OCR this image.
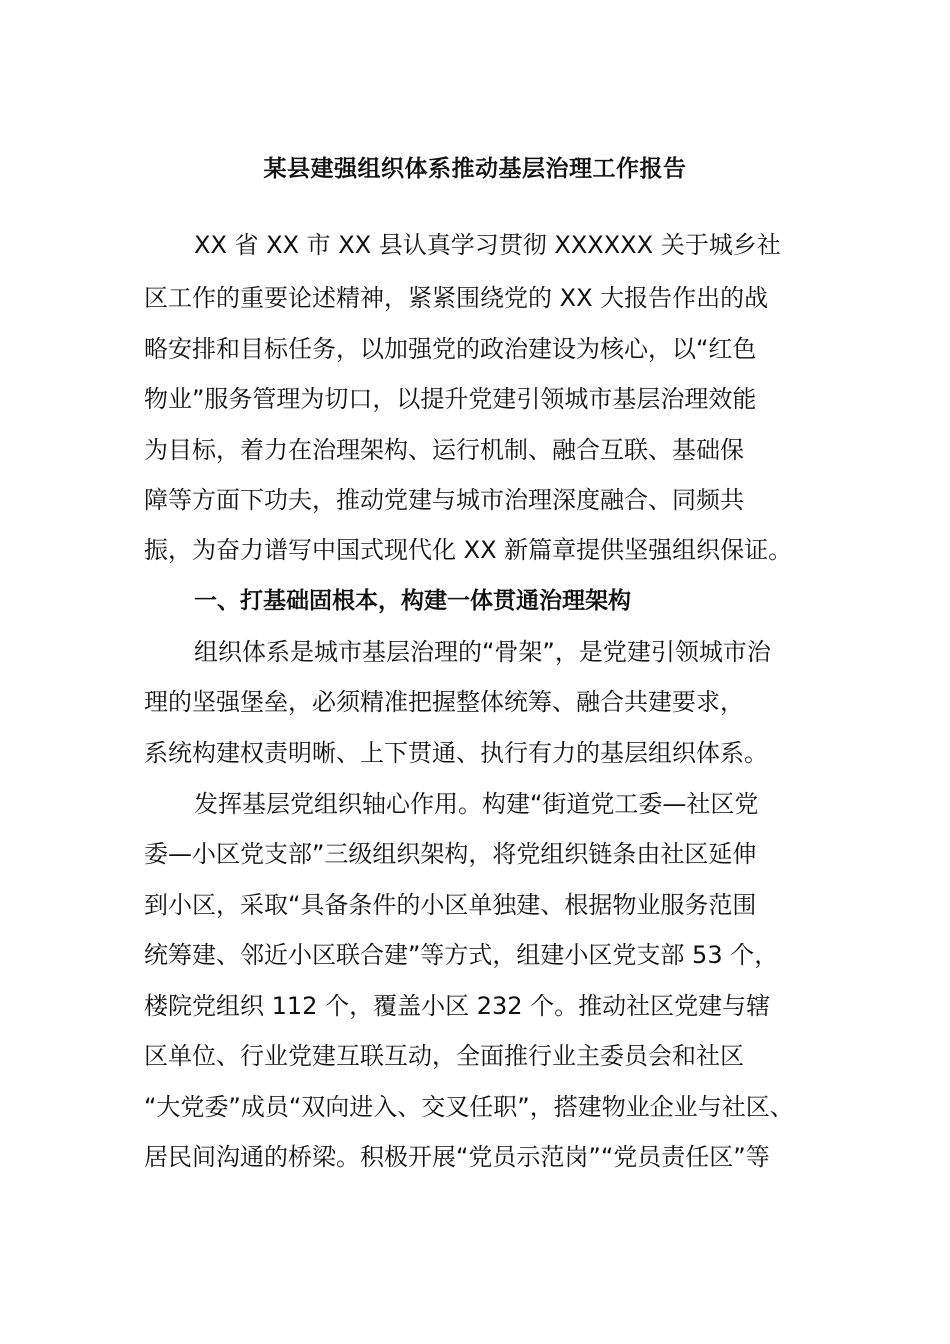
某县建强组织体系推动基层治理工作报告

XX 省 XX 市 XX 县认真学习贯彻 XXXXXX 关于城乡社

区工作的重要论述精神，紧紧围绕党的 XX 大报告作出的战

略安排和目标任务，以加强党的政治建设为核心，以“红色

物业”服务管理为切口，以提升党建引领城市基层治理效能

为目标，着力在治理架构、运行机制、融合互联、基础保

障等方面下功夫，推动党建与城市治理深度融合、同频共

振，为奋力谱写中国式现代化 XX 新篇章提供坚强组织保证。

一、打基础固根本，构建一体贯通治理架构

组织体系是城市基层治理的“骨架”，是党建引领城市治

理的坚强堡垒，必须精准把握整体统筹、融合共建要求，

系统构建权责明晰、上下贯通、执行有力的基层组织体系。

发挥基层党组织轴心作用。构建“街道党工委—社区党

委—小区党支部”三级组织架构，将党组织链条由社区延伸

到小区，采取“具备条件的小区单独建、根据物业服务范围

统筹建、邻近小区联合建”等方式，组建小区党支部 53 个，

楼院党组织 112 个，覆盖小区 232 个。推动社区党建与辖

区单位、行业党建互联互动，全面推行业主委员会和社区

“大党委”成员“双向进入、交叉任职”，搭建物业企业与社区、

居民间沟通的桥梁。积极开展“党员示范岗”“党员责任区”等
